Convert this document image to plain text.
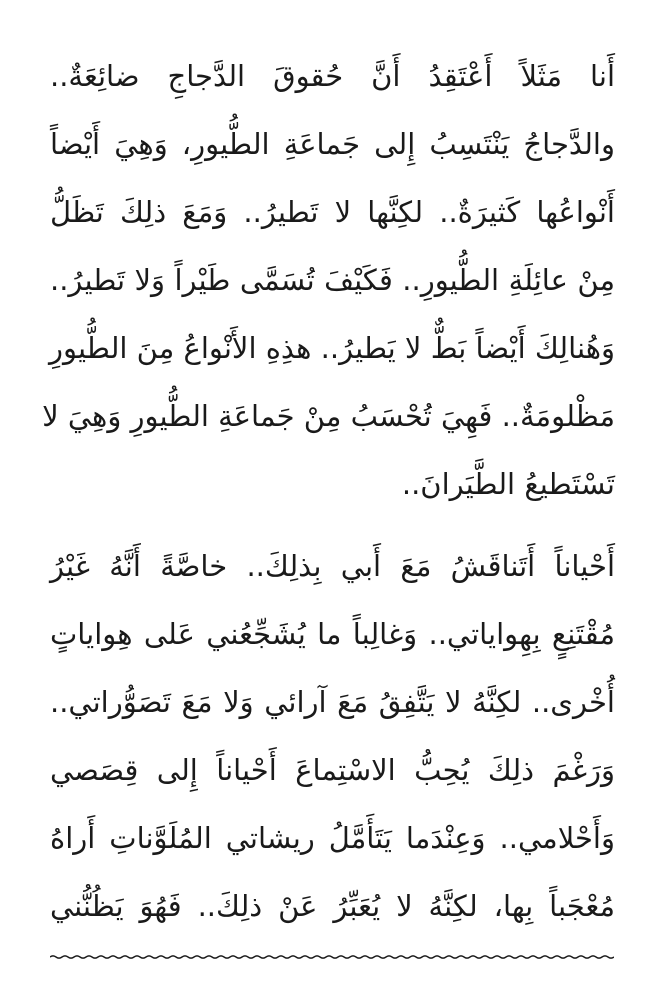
أَنا مَثَلاً أَعْتَقِدُ أَنَّ حُقوقَ الدَّجاجِ ضائِعَةٌ..
والدَّجاجُ يَنْتَسِبُ إِلى جَماعَةِ الطُّيورِ، وَهِيَ أَيْضاً
أَنْواعُها كَثيرَةٌ.. لكِنَّها لا تَطيرُ.. وَمَعَ ذلِكَ تَظَلُّ
مِنْ عائِلَةِ الطُّيورِ.. فَكَيْفَ تُسَمَّى طَيْراً وَلا تَطيرُ..
وَهُنالِكَ أَيْضاً بَطٌّ لا يَطيرُ.. هذِهِ الأَنْواعُ مِنَ الطُّيورِ
مَظْلومَةٌ.. فَهِيَ تُحْسَبُ مِنْ جَماعَةِ الطُّيورِ وَهِيَ لا
تَسْتَطيعُ الطَّيَرانَ..
أَحْياناً أَتَناقَشُ مَعَ أَبي بِذلِكَ.. خاصَّةً أَنَّهُ غَيْرُ
مُقْتَنِعٍ بِهِواياتي.. وَغالِباً ما يُشَجِّعُني عَلى هِواياتٍ
أُخْرى.. لكِنَّهُ لا يَتَّفِقُ مَعَ آرائي وَلا مَعَ تَصَوُّراتي..
وَرَغْمَ ذلِكَ يُحِبُّ الاسْتِماعَ أَحْياناً إِلى قِصَصي
وَأَحْلامي.. وَعِنْدَما يَتَأَمَّلُ ريشاتي المُلَوَّناتِ أَراهُ
مُعْجَباً بِها، لكِنَّهُ لا يُعَبِّرُ عَنْ ذلِكَ.. فَهُوَ يَظُنُّني
